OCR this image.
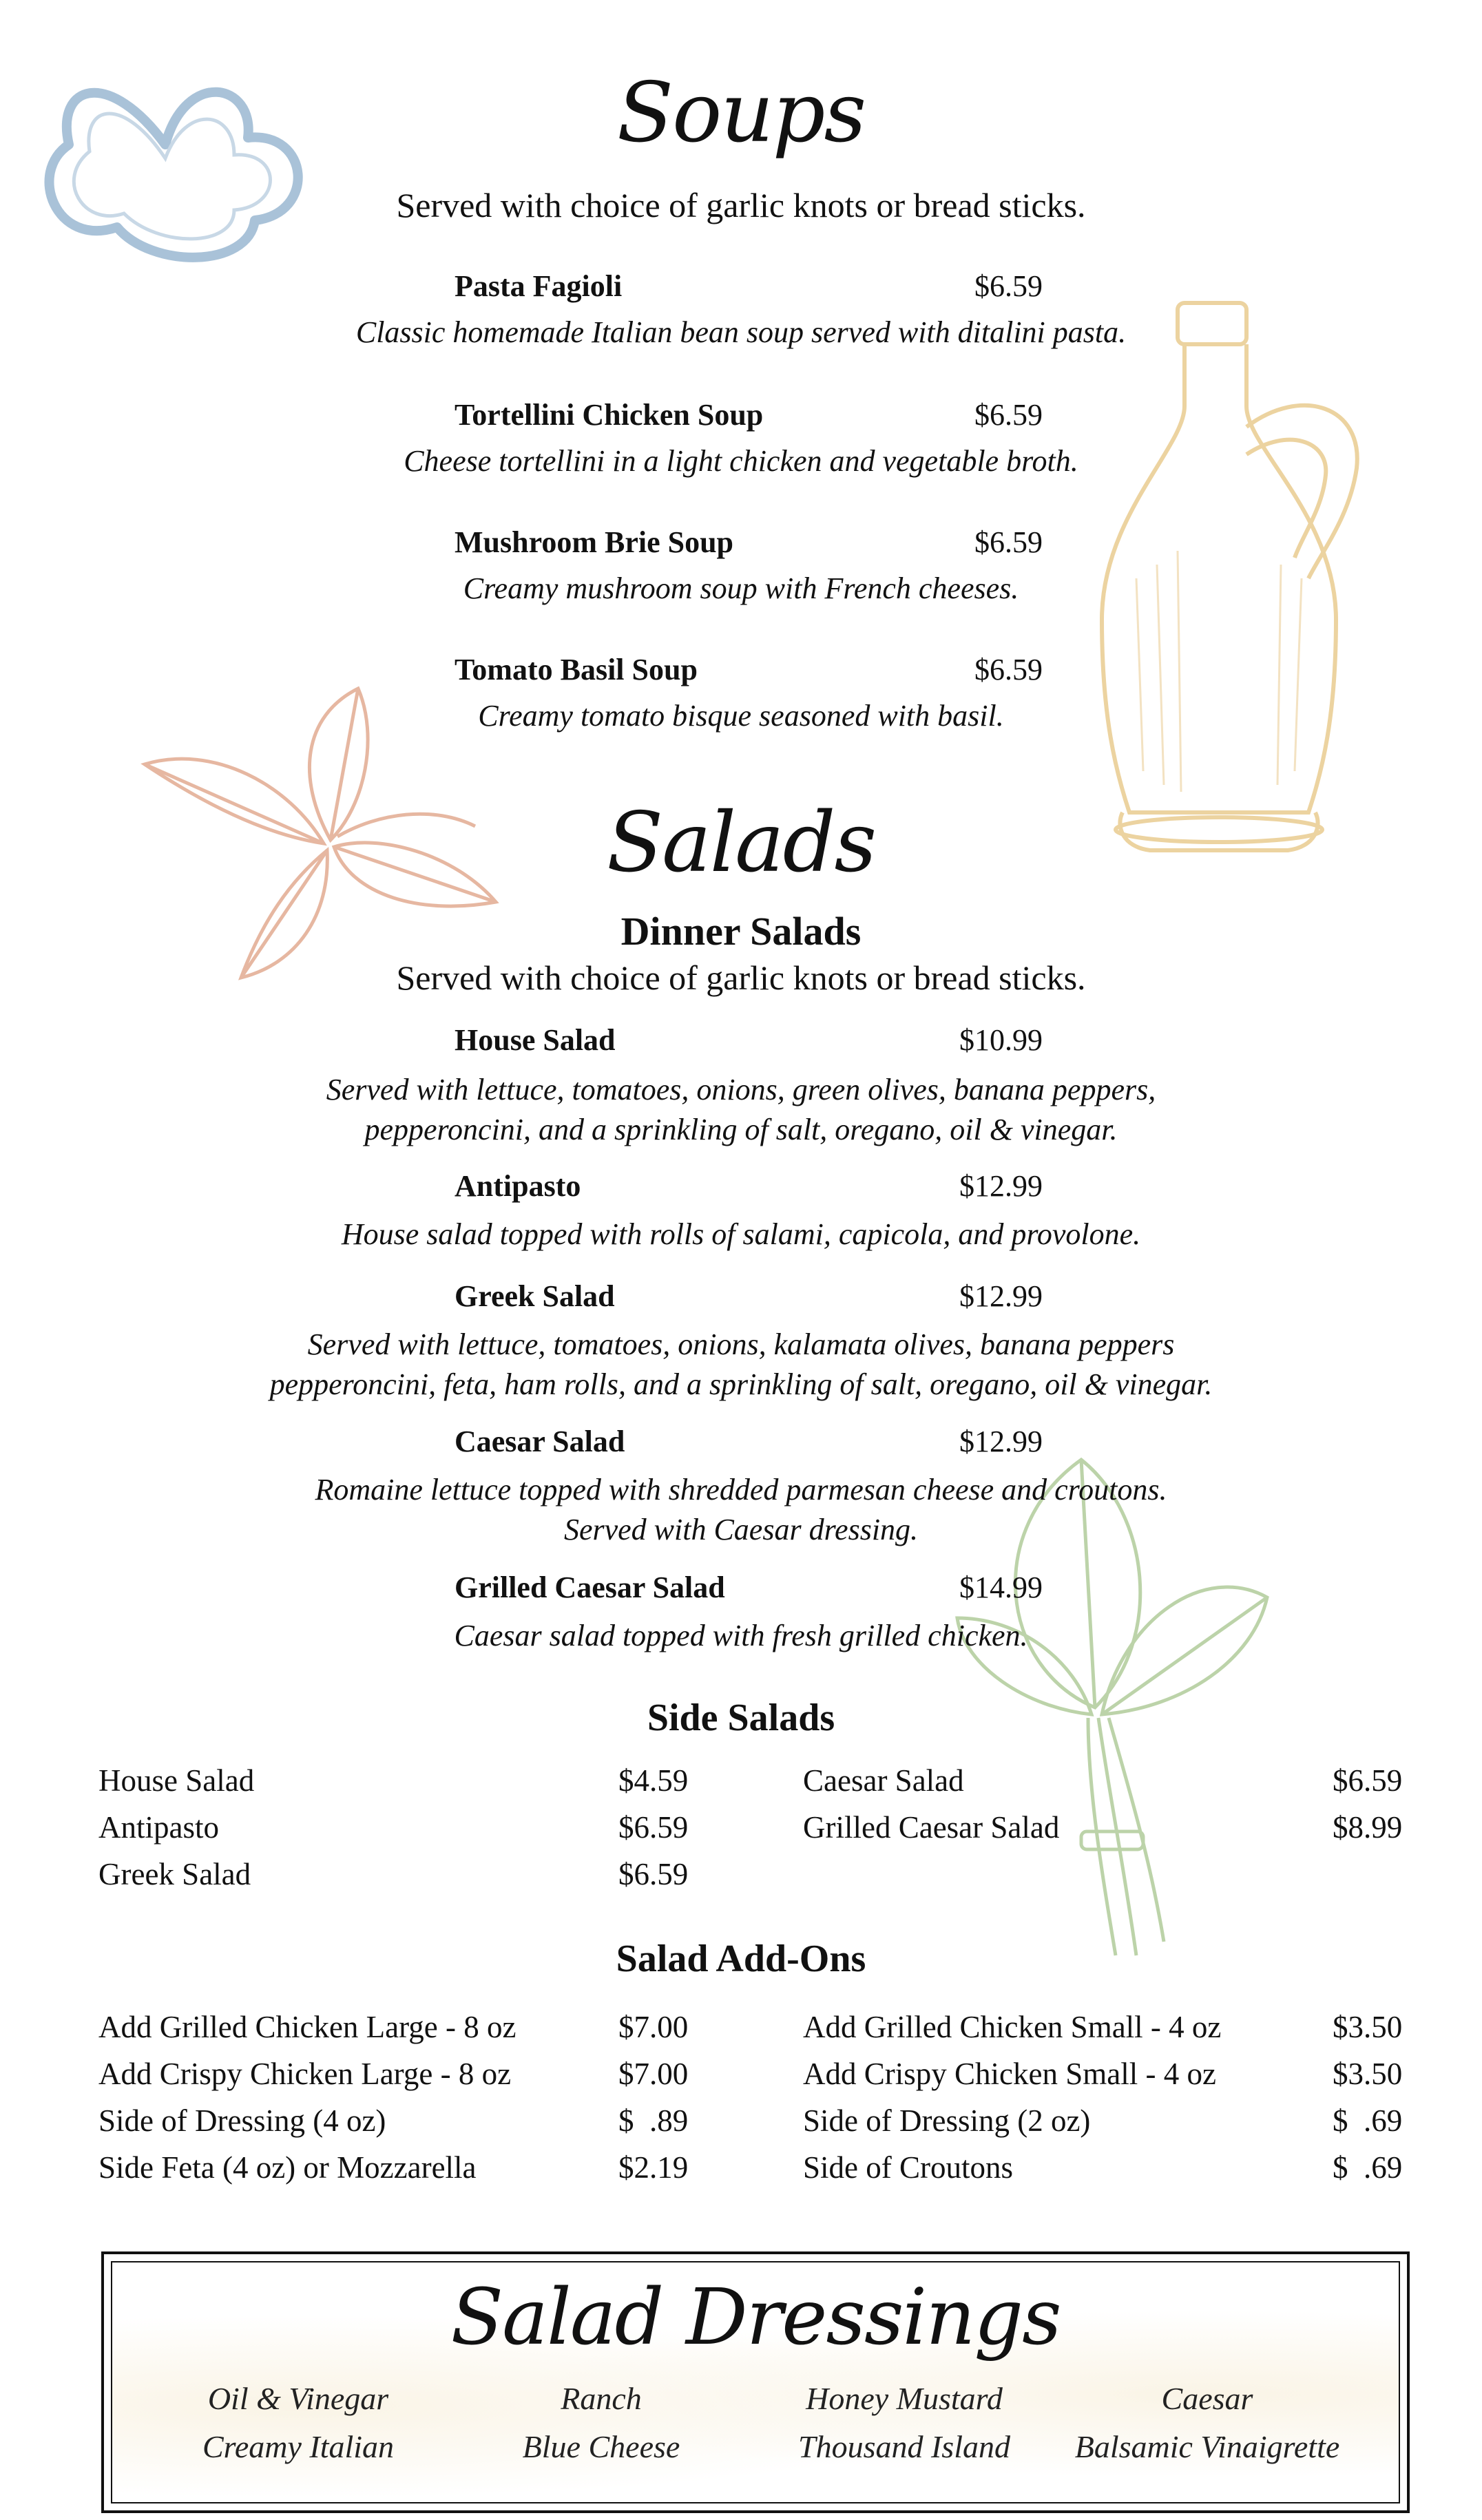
Soups
Served with choice of garlic knots or bread sticks.
Pasta Fagioli	$6.59
Classic homemade Italian bean soup served with ditalini pasta.
Tortellini Chicken Soup	$6.59
Cheese tortellini in a light chicken and vegetable broth.
Mushroom Brie Soup	$6.59
Creamy mushroom soup with French cheeses.
Tomato Basil Soup	$6.59
Creamy tomato bisque seasoned with basil.
Salads
Dinner Salads
Served with choice of garlic knots or bread sticks.
House Salad	$10.99
Served with lettuce, tomatoes, onions, green olives, banana peppers,
pepperoncini, and a sprinkling of salt, oregano, oil & vinegar.
Antipasto	$12.99
House salad topped with rolls of salami, capicola, and provolone.
Greek Salad	$12.99
Served with lettuce, tomatoes, onions, kalamata olives, banana peppers
pepperoncini, feta, ham rolls, and a sprinkling of salt, oregano, oil & vinegar.
Caesar Salad	$12.99
Romaine lettuce topped with shredded parmesan cheese and croutons.
Served with Caesar dressing.
Grilled Caesar Salad	$14.99
Caesar salad topped with fresh grilled chicken.
Side Salads
House Salad	$4.59
Antipasto	$6.59
Greek Salad	$6.59
Caesar Salad	$6.59
Grilled Caesar Salad	$8.99
Salad Add-Ons
Add Grilled Chicken Large - 8 oz	$7.00
Add Crispy Chicken Large - 8 oz	$7.00
Side of Dressing (4 oz)	$  .89
Side Feta (4 oz) or Mozzarella	$2.19
Add Grilled Chicken Small - 4 oz	$3.50
Add Crispy Chicken Small - 4 oz	$3.50
Side of Dressing (2 oz)	$  .69
Side of Croutons	$  .69
Salad Dressings
Oil & Vinegar	Ranch	Honey Mustard	Caesar
Creamy Italian	Blue Cheese	Thousand Island	Balsamic Vinaigrette
